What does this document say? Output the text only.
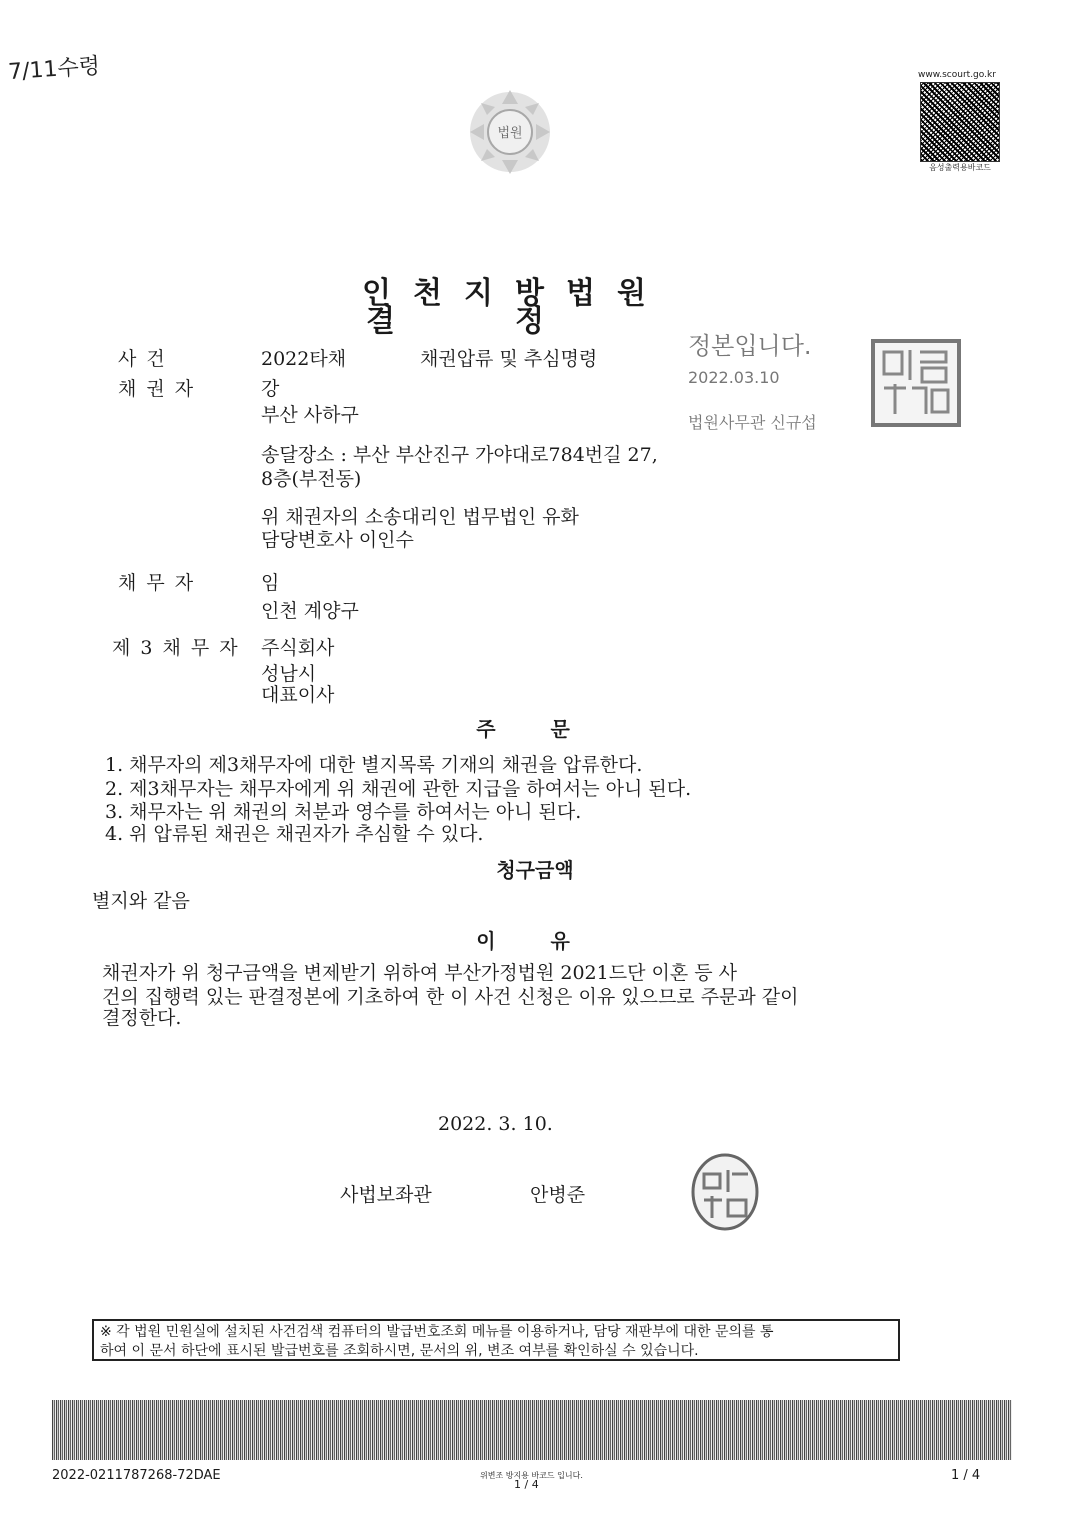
7/11수령	www.scourt.go.kr
음성출력용바코드
법원
인천지방법원
결정
정본입니다.
2022.03.10
법원사무관 신규섭
사 건	2022타채	채권압류 및 추심명령
채 권 자	강
부산 사하구
송달장소 : 부산 부산진구 가야대로784번길 27,
8층(부전동)
위 채권자의 소송대리인 법무법인 유화
담당변호사 이인수
채 무 자	임
인천 계양구
제 3 채 무 자 주식회사
성남시
대표이사
주 문
1. 채무자의 제3채무자에 대한 별지목록 기재의 채권을 압류한다.
2. 제3채무자는 채무자에게 위 채권에 관한 지급을 하여서는 아니 된다.
3. 채무자는 위 채권의 처분과 영수를 하여서는 아니 된다.
4. 위 압류된 채권은 채권자가 추심할 수 있다.
청구금액
별지와 같음
이 유
채권자가 위 청구금액을 변제받기 위하여 부산가정법원 2021드단 이혼 등 사
건의 집행력 있는 판결정본에 기초하여 한 이 사건 신청은 이유 있으므로 주문과 같이
결정한다.
2022. 3. 10.
사법보좌관	안병준
※ 각 법원 민원실에 설치된 사건검색 컴퓨터의 발급번호조회 메뉴를 이용하거나, 담당 재판부에 대한 문의를 통
하여 이 문서 하단에 표시된 발급번호를 조회하시면, 문서의 위, 변조 여부를 확인하실 수 있습니다.
2022-0211787268-72DAE	위변조 방지용 바코드 입니다.
1 / 4
1 / 4
